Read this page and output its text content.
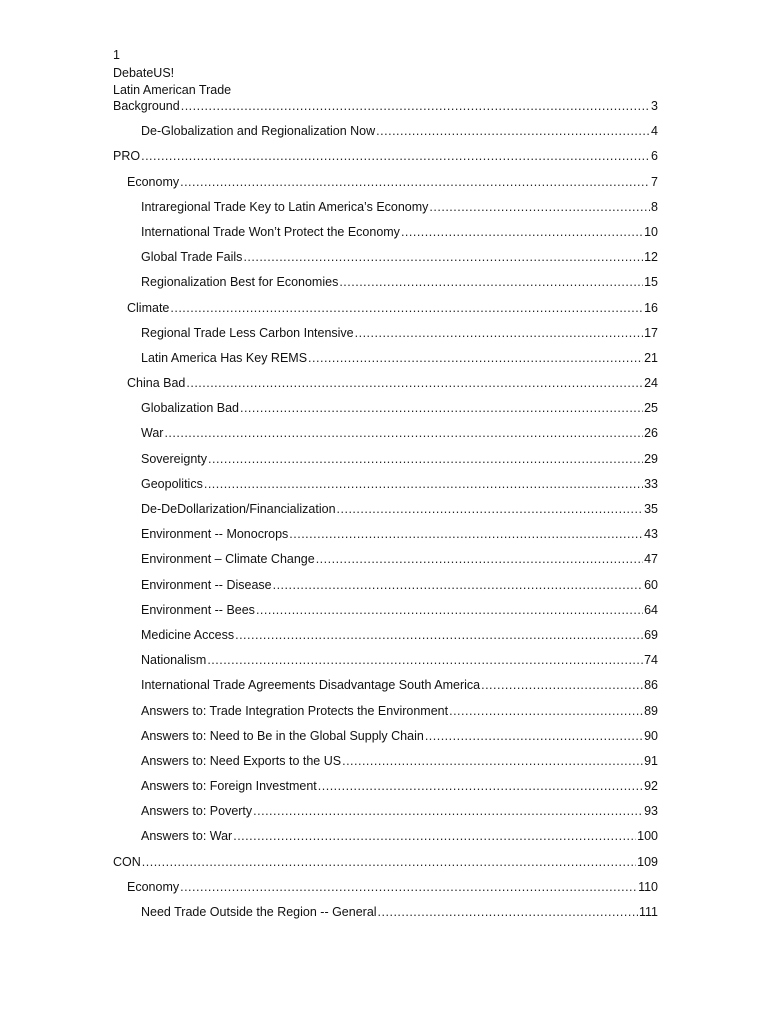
1
DebateUS!
Latin American Trade
Background .....	3
De-Globalization and Regionalization Now .....	4
PRO .....	6
Economy .....	7
Intraregional Trade Key to Latin America’s Economy .....	8
International Trade Won’t Protect the Economy .....	10
Global Trade Fails .....	12
Regionalization Best for Economies .....	15
Climate .....	16
Regional Trade Less Carbon Intensive .....	17
Latin America Has Key REMS .....	21
China Bad .....	24
Globalization Bad .....	25
War .....	26
Sovereignty .....	29
Geopolitics .....	33
De-DeDollarization/Financialization .....	35
Environment -- Monocrops .....	43
Environment – Climate Change .....	47
Environment -- Disease .....	60
Environment -- Bees .....	64
Medicine Access .....	69
Nationalism .....	74
International Trade Agreements Disadvantage South America .....	86
Answers to: Trade Integration Protects the Environment .....	89
Answers to: Need to Be in the Global Supply Chain .....	90
Answers to: Need Exports to the US .....	91
Answers to: Foreign Investment .....	92
Answers to: Poverty .....	93
Answers to: War .....	100
CON .....	109
Economy .....	110
Need Trade Outside the Region -- General .....	111
